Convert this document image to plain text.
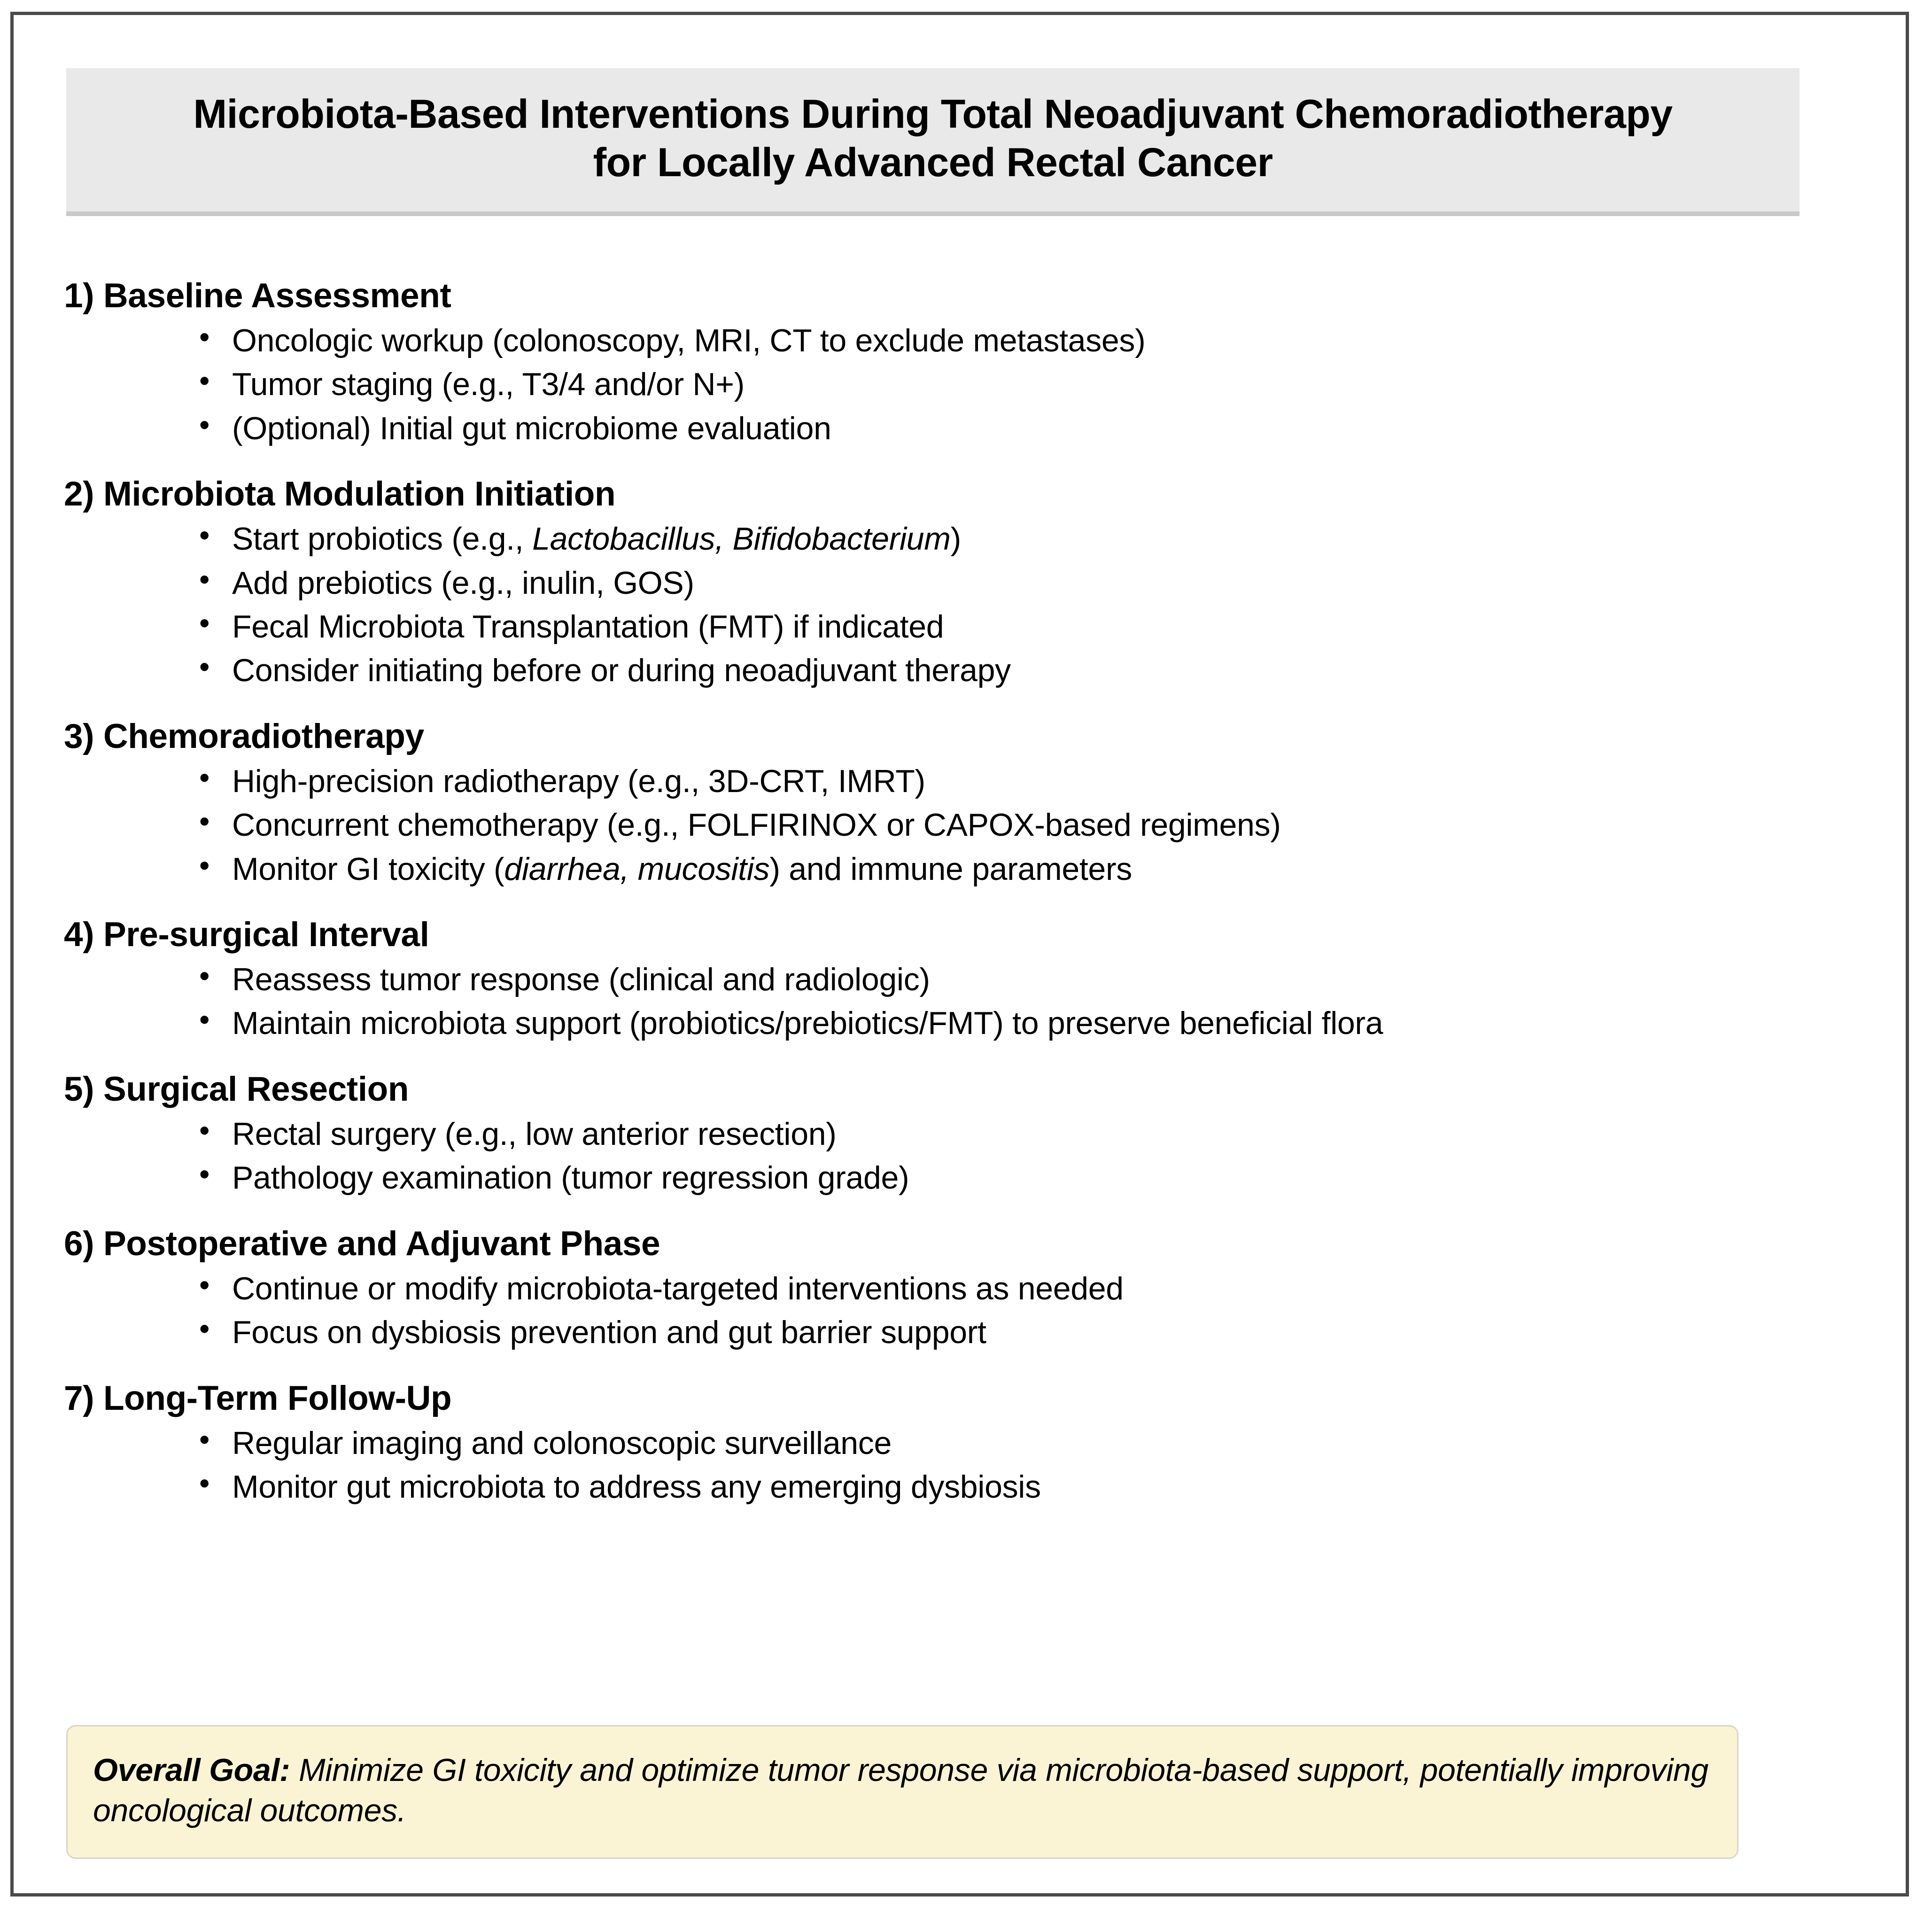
Microbiota-Based Interventions During Total Neoadjuvant Chemoradiotherapy
for Locally Advanced Rectal Cancer
1) Baseline Assessment
• Oncologic workup (colonoscopy, MRI, CT to exclude metastases)
• Tumor staging (e.g., T3/4 and/or N+)
• (Optional) Initial gut microbiome evaluation
2) Microbiota Modulation Initiation
• Start probiotics (e.g., Lactobacillus, Bifidobacterium)
• Add prebiotics (e.g., inulin, GOS)
• Fecal Microbiota Transplantation (FMT) if indicated
• Consider initiating before or during neoadjuvant therapy
3) Chemoradiotherapy
• High-precision radiotherapy (e.g., 3D-CRT, IMRT)
• Concurrent chemotherapy (e.g., FOLFIRINOX or CAPOX-based regimens)
• Monitor GI toxicity (diarrhea, mucositis) and immune parameters
4) Pre-surgical Interval
• Reassess tumor response (clinical and radiologic)
• Maintain microbiota support (probiotics/prebiotics/FMT) to preserve beneficial flora
5) Surgical Resection
• Rectal surgery (e.g., low anterior resection)
• Pathology examination (tumor regression grade)
6) Postoperative and Adjuvant Phase
• Continue or modify microbiota-targeted interventions as needed
• Focus on dysbiosis prevention and gut barrier support
7) Long-Term Follow-Up
• Regular imaging and colonoscopic surveillance
• Monitor gut microbiota to address any emerging dysbiosis
Overall Goal: Minimize GI toxicity and optimize tumor response via microbiota-based support, potentially improving oncological outcomes.
